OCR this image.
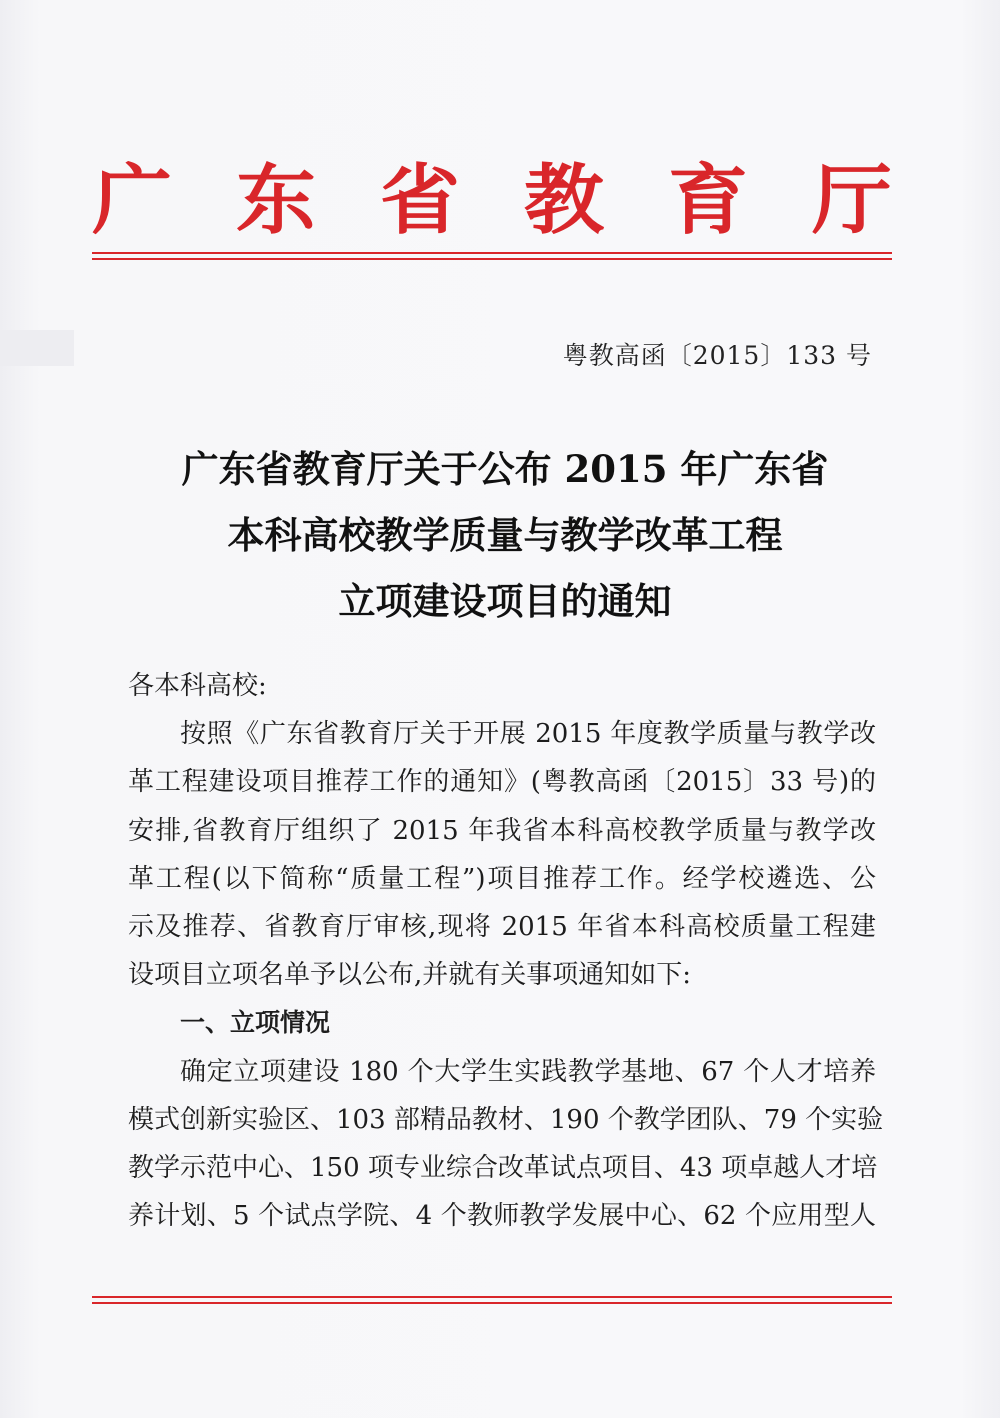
广 东 省 教 育 厅
粤教高函〔2015〕133 号
广东省教育厅关于公布 2015 年广东省
本科高校教学质量与教学改革工程
立项建设项目的通知

各本科高校:

按照《广东省教育厅关于开展 2015 年度教学质量与教学改

革工程建设项目推荐工作的通知》(粤教高函〔2015〕33 号)的

安排,省教育厅组织了 2015 年我省本科高校教学质量与教学改

革工程(以下简称“质量工程”)项目推荐工作。经学校遴选、公

示及推荐、省教育厅审核,现将 2015 年省本科高校质量工程建

设项目立项名单予以公布,并就有关事项通知如下:

一、立项情况

确定立项建设 180 个大学生实践教学基地、67 个人才培养

模式创新实验区、103 部精品教材、190 个教学团队、79 个实验

教学示范中心、150 项专业综合改革试点项目、43 项卓越人才培

养计划、5 个试点学院、4 个教师教学发展中心、62 个应用型人
